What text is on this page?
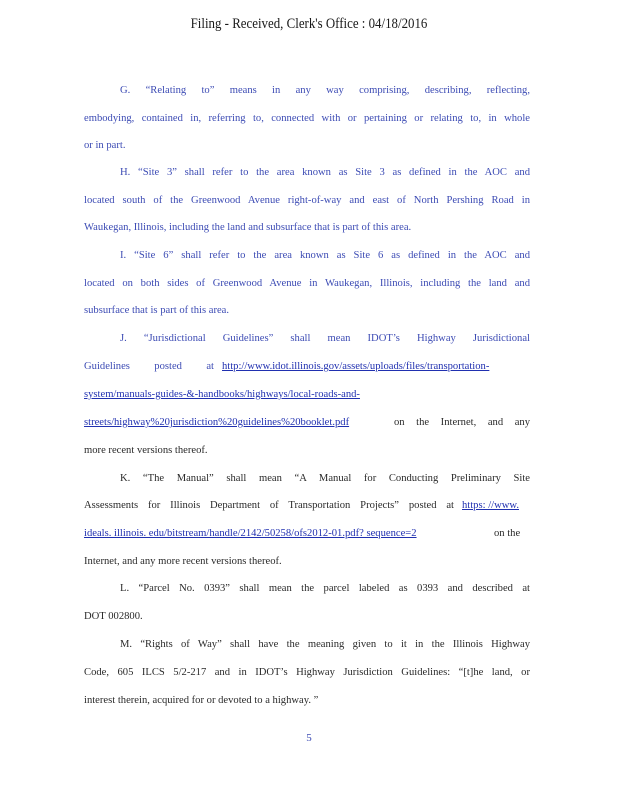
Filing - Received, Clerk's Office : 04/18/2016
G. “Relating to” means in any way comprising, describing, reflecting,
embodying, contained in, referring to, connected with or pertaining or relating to, in whole
or in part.
H. “Site 3” shall refer to the area known as Site 3 as defined in the AOC and
located south of the Greenwood Avenue right-of-way and east of North Pershing Road in
Waukegan, Illinois, including the land and subsurface that is part of this area.
I. “Site 6” shall refer to the area known as Site 6 as defined in the AOC and
located on both sides of Greenwood Avenue in Waukegan, Illinois, including the land and
subsurface that is part of this area.
J. “Jurisdictional Guidelines” shall mean IDOT’s Highway Jurisdictional
Guidelines posted at http://www.idot.illinois.gov/assets/uploads/files/transportation-
system/manuals-guides-&-handbooks/highways/local-roads-and-
streets/highway%20jurisdiction%20guidelines%20booklet.pdf	on the Internet, and any
more recent versions thereof.
K. “The Manual” shall mean “A Manual for Conducting Preliminary Site
Assessments for Illinois Department of Transportation Projects” posted at https: //www.
ideals. illinois. edu/bitstream/handle/2142/50258/ofs2012-01.pdf? sequence=2	on the
Internet, and any more recent versions thereof.
L. “Parcel No. 0393” shall mean the parcel labeled as 0393 and described at
DOT 002800.
M. “Rights of Way” shall have the meaning given to it in the Illinois Highway
Code, 605 ILCS 5/2-217 and in IDOT’s Highway Jurisdiction Guidelines: “[t]he land, or
interest therein, acquired for or devoted to a highway. ”
5
